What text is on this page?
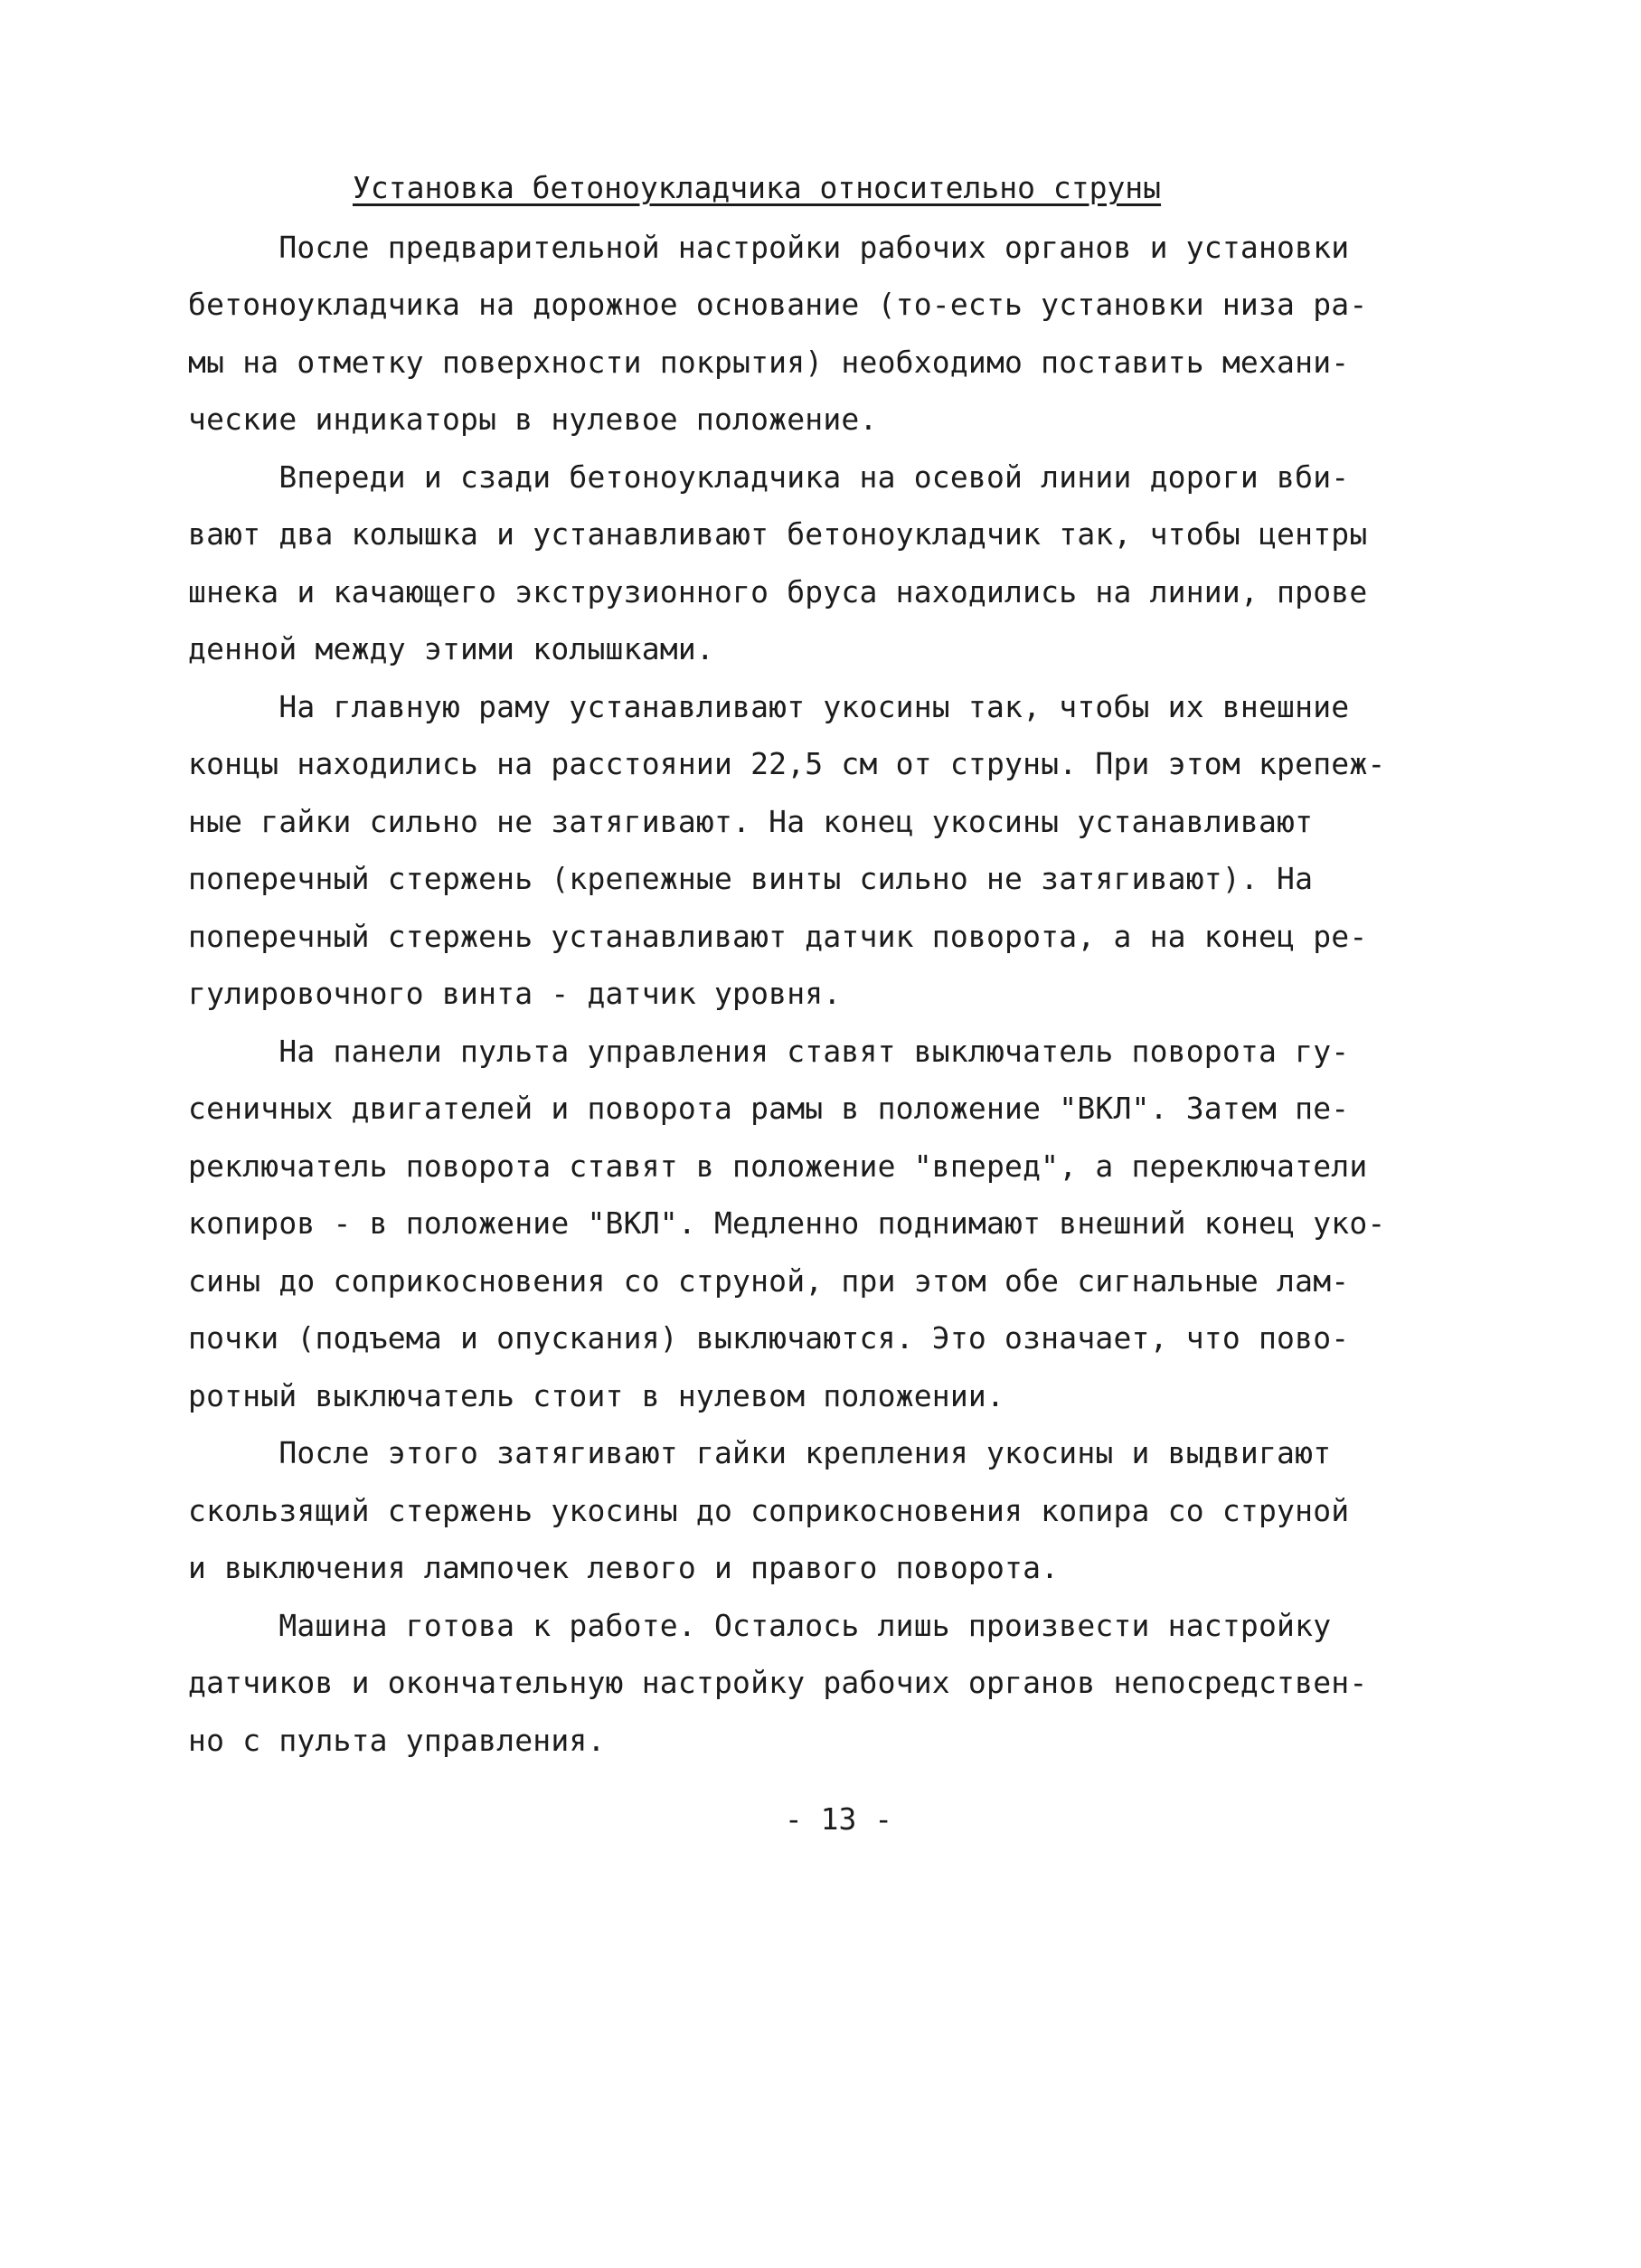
Установка бетоноукладчика относительно струны
После предварительной настройки рабочих органов и установки
бетоноукладчика на дорожное основание (то-есть установки низа ра-
мы на отметку поверхности покрытия) необходимо поставить механи-
ческие индикаторы в нулевое положение.
Впереди и сзади бетоноукладчика на осевой линии дороги вби-
вают два колышка и устанавливают бетоноукладчик так, чтобы центры
шнека и качающего экструзионного бруса находились на линии, прове
денной между этими колышками.
На главную раму устанавливают укосины так, чтобы их внешние
концы находились на расстоянии 22,5 см от струны. При этом крепеж-
ные гайки сильно не затягивают. На конец укосины устанавливают
поперечный стержень (крепежные винты сильно не затягивают). На
поперечный стержень устанавливают датчик поворота, а на конец ре-
гулировочного винта - датчик уровня.
На панели пульта управления ставят выключатель поворота гу-
сеничных двигателей и поворота рамы в положение "ВКЛ". Затем пе-
реключатель поворота ставят в положение "вперед", а переключатели
копиров - в положение "ВКЛ". Медленно поднимают внешний конец уко-
сины до соприкосновения со струной, при этом обе сигнальные лам-
почки (подъема и опускания) выключаются. Это означает, что пово-
ротный выключатель стоит в нулевом положении.
После этого затягивают гайки крепления укосины и выдвигают
скользящий стержень укосины до соприкосновения копира со струной
и выключения лампочек левого и правого поворота.
Машина готова к работе. Осталось лишь произвести настройку
датчиков и окончательную настройку рабочих органов непосредствен-
но с пульта управления.
- 13 -
